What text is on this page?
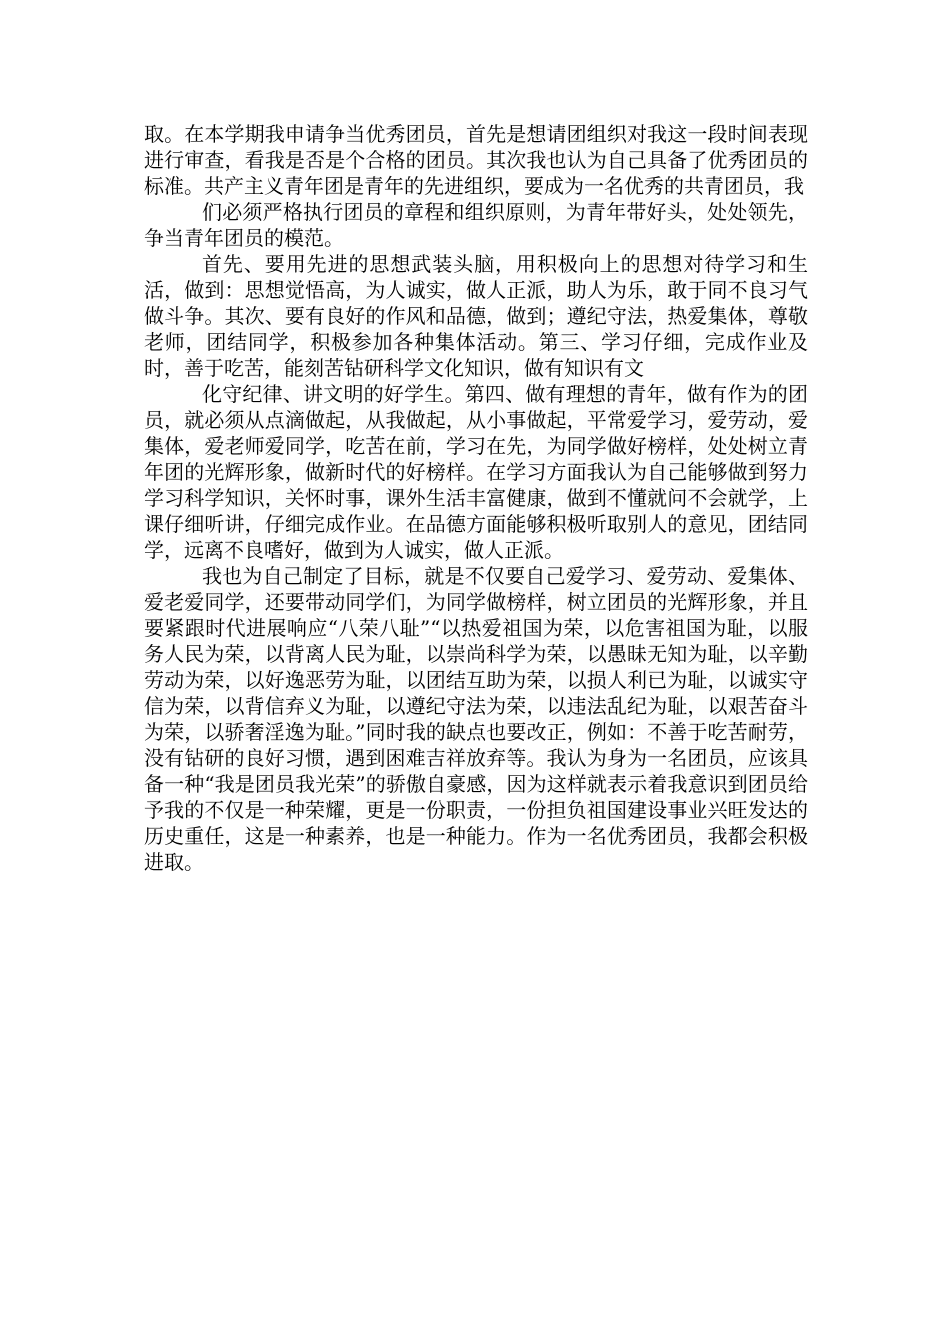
取。在本学期我申请争当优秀团员，首先是想请团组织对我这一段时间表现进行审查，看我是否是个合格的团员。其次我也认为自己具备了优秀团员的标准。共产主义青年团是青年的先进组织，要成为一名优秀的共青团员，我

们必须严格执行团员的章程和组织原则，为青年带好头，处处领先，争当青年团员的模范。

首先、要用先进的思想武装头脑，用积极向上的思想对待学习和生活，做到：思想觉悟高，为人诚实，做人正派，助人为乐，敢于同不良习气做斗争。其次、要有良好的作风和品德，做到；遵纪守法，热爱集体，尊敬老师，团结同学，积极参加各种集体活动。第三、学习仔细，完成作业及时，善于吃苦，能刻苦钻研科学文化知识，做有知识有文

化守纪律、讲文明的好学生。第四、做有理想的青年，做有作为的团员，就必须从点滴做起，从我做起，从小事做起，平常爱学习，爱劳动，爱集体，爱老师爱同学，吃苦在前，学习在先，为同学做好榜样，处处树立青年团的光辉形象，做新时代的好榜样。在学习方面我认为自己能够做到努力学习科学知识，关怀时事，课外生活丰富健康，做到不懂就问不会就学，上课仔细听讲，仔细完成作业。在品德方面能够积极听取别人的意见，团结同学，远离不良嗜好，做到为人诚实，做人正派。

我也为自己制定了目标，就是不仅要自己爱学习、爱劳动、爱集体、爱老爱同学，还要带动同学们，为同学做榜样，树立团员的光辉形象，并且要紧跟时代进展响应“八荣八耻”“以热爱祖国为荣，以危害祖国为耻，以服务人民为荣，以背离人民为耻，以崇尚科学为荣，以愚昧无知为耻，以辛勤劳动为荣，以好逸恶劳为耻，以团结互助为荣，以损人利已为耻，以诚实守信为荣，以背信弃义为耻，以遵纪守法为荣，以违法乱纪为耻，以艰苦奋斗为荣，以骄奢淫逸为耻。”同时我的缺点也要改正，例如：不善于吃苦耐劳，没有钻研的良好习惯，遇到困难吉祥放弃等。我认为身为一名团员，应该具备一种“我是团员我光荣”的骄傲自豪感，因为这样就表示着我意识到团员给予我的不仅是一种荣耀，更是一份职责，一份担负祖国建设事业兴旺发达的历史重任，这是一种素养，也是一种能力。作为一名优秀团员，我都会积极进取。
